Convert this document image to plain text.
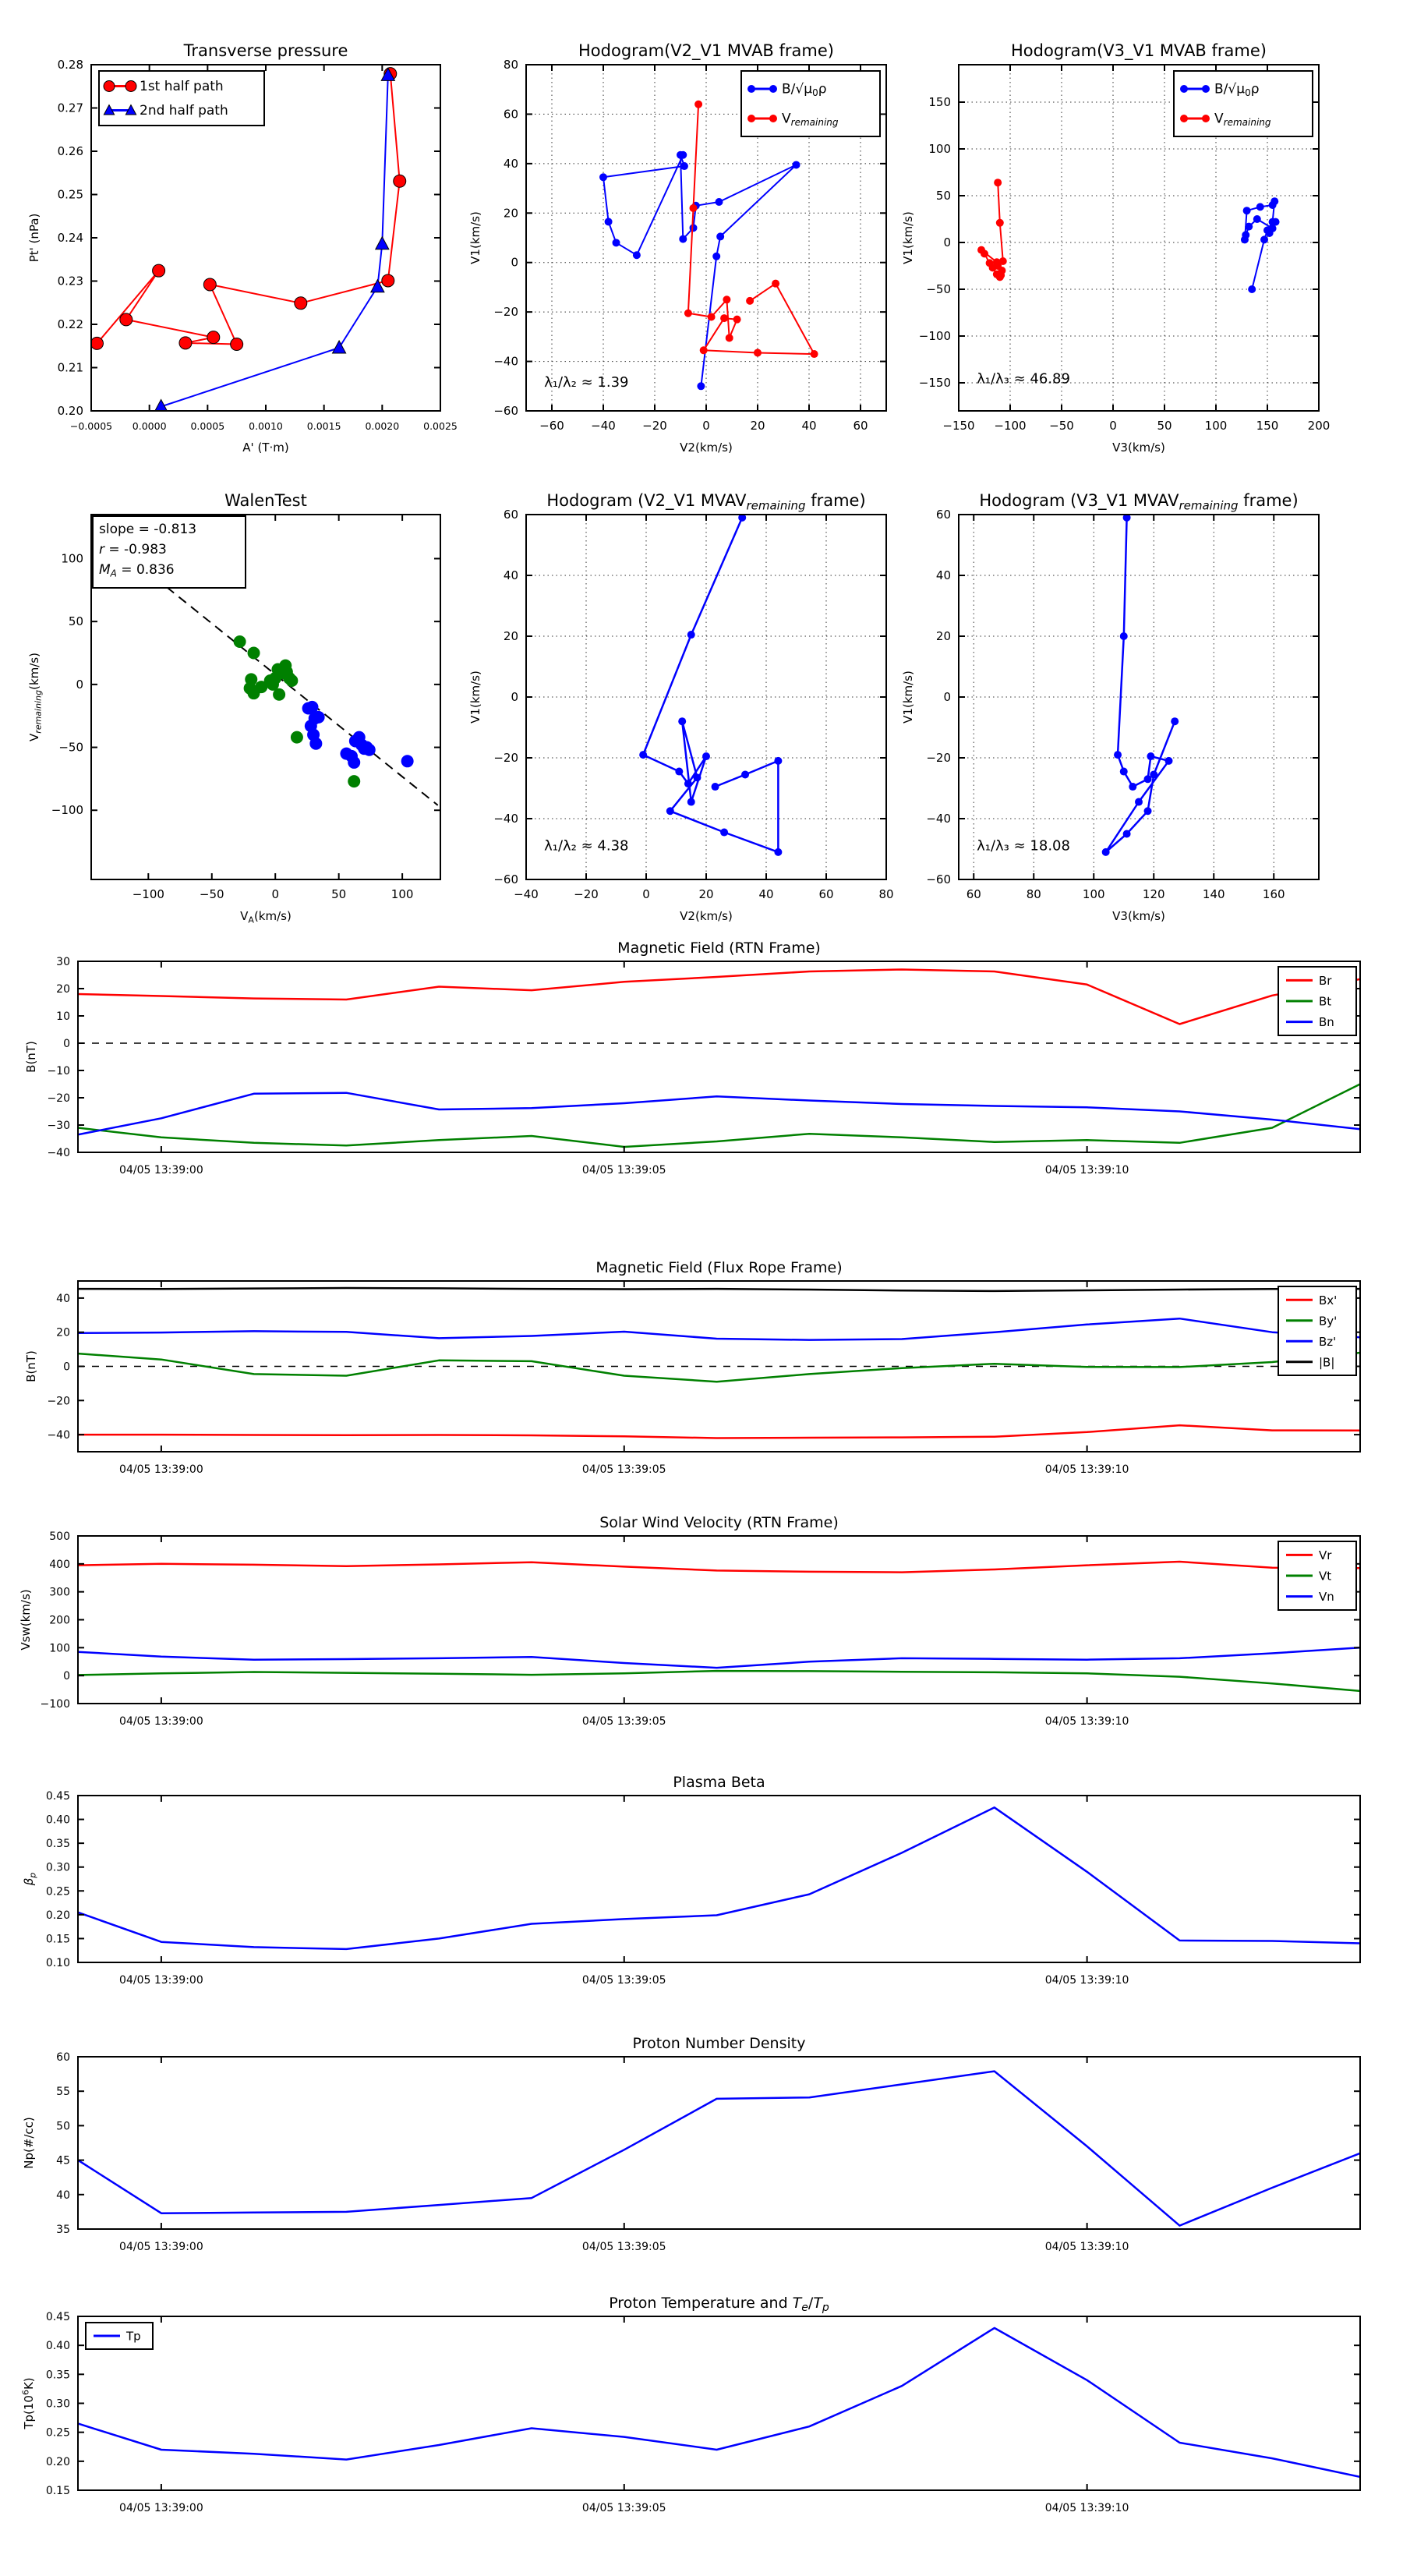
−0.0005 0.0000 0.0005 0.0010 0.0015 0.0020 0.0025
0.20
0.21
0.22
0.23
0.24
0.25
0.26
0.27
0.28
Transverse pressure
A' (T·m)
Pt' (nPa)
1st half path
2nd half path
−60 −40 −20	0	20	40	60
−60
−40
−20
0
20
40
60
80
Hodogram(V2_V1 MVAB frame)
V2(km/s)
V1(km/s)
λ₁/λ₂ ≈ 1.39
$B/√\mu_0\rho$
$V_{remaining}$
−150 −100 −50	0	50	100 150 200
−150
−100
−50
0
50
100
150
Hodogram(V3_V1 MVAB frame)
V3(km/s)
V1(km/s)
λ₁/λ₃ ≈ 46.89
$B/√\mu_0\rho$
$V_{remaining}$
−100	−50	0	50	100
−100
−50
0
50
100
WalenTest
$V_A(km/s)$
$V_{remaining}(km/s)$
slope = -0.813
r = -0.983
$M_A = 0.836$
−40	−20	0	20	40	60	80
−60
−40
−20
0
20
40
60
Hodogram (V2_V1 $MVAV_{remaining}$ frame)
V2(km/s)
V1(km/s)
λ₁/λ₂ ≈ 4.38
60	80	100	120	140	160
−60
−40
−20
0
20
40
60
Hodogram (V3_V1 $MVAV_{remaining}$ frame)
V3(km/s)
V1(km/s)
λ₁/λ₃ ≈ 18.08
04/05 13:39:00	04/05 13:39:05	04/05 13:39:10
−40
−30
−20
−10
0
10
20
30
Magnetic Field (RTN Frame)
B(nT)
Br
Bt
Bn
04/05 13:39:00	04/05 13:39:05	04/05 13:39:10
−40
−20
0
20
40
Magnetic Field (Flux Rope Frame)
B(nT)
Bx'
By'
Bz'
|B|
04/05 13:39:00	04/05 13:39:05	04/05 13:39:10
−100
0
100
200
300
400
500
Solar Wind Velocity (RTN Frame)
Vsw(km/s)
Vr
Vt
Vn
04/05 13:39:00	04/05 13:39:05	04/05 13:39:10
0.10
0.15
0.20
0.25
0.30
0.35
0.40
0.45
Plasma Beta
$\beta_p$
04/05 13:39:00	04/05 13:39:05	04/05 13:39:10
35
40
45
50
55
60
Proton Number Density
Np(#/cc)
04/05 13:39:00	04/05 13:39:05	04/05 13:39:10
0.15
0.20
0.25
0.30
0.35
0.40
0.45
Proton Temperature and $T_e/T_p$
$Tp(10^6K)$
Tp
